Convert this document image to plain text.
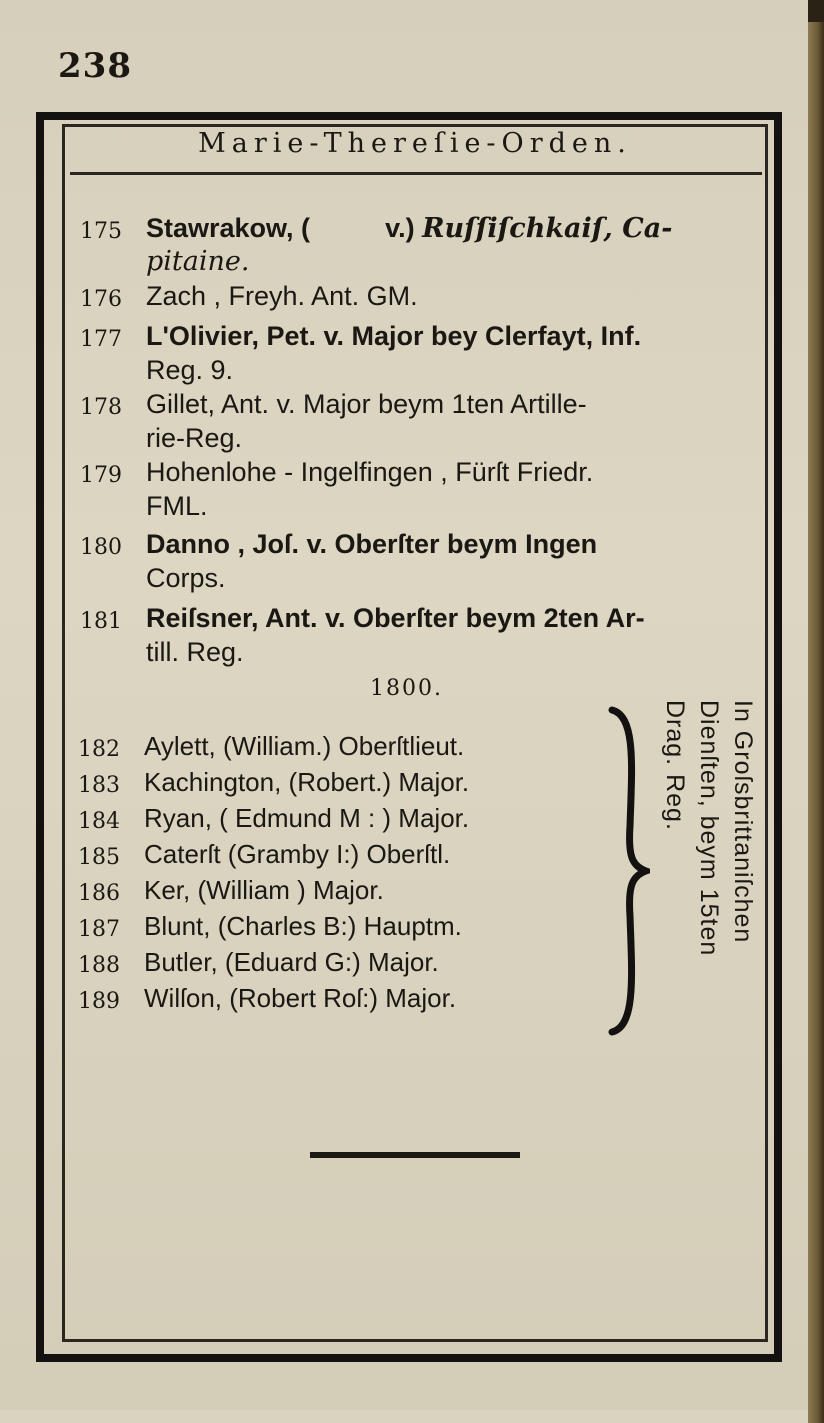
238
Marie-Thereſie-Orden.
175 Stawrakow, (	v.) Ruſſiſchkaiſ, Ca-
pitaine.
176 Zach , Freyh. Ant. GM.
177 L'Olivier, Pet. v. Major bey Clerfayt, Inf.
Reg. 9.
178 Gillet, Ant. v. Major beym 1ten Artille-
rie-Reg.
179 Hohenlohe - Ingelfingen , Fürſt Friedr.
FML.
180 Danno , Joſ. v. Oberſter beym Ingen
Corps.
181 Reiſsner, Ant. v. Oberſter beym 2ten Ar-
till. Reg.
1800.
182 Aylett, (William.) Oberſtlieut.
183 Kachington, (Robert.) Major.
184 Ryan, ( Edmund M : ) Major.
185 Caterſt (Gramby I:) Oberſtl.
186 Ker, (William ) Major.
187 Blunt, (Charles B:) Hauptm.
188 Butler, (Eduard G:) Major.
189 Wilſon, (Robert Roſ:) Major.
In Groſsbrittaniſchen
Dienſten, beym 15ten
Drag. Reg.
